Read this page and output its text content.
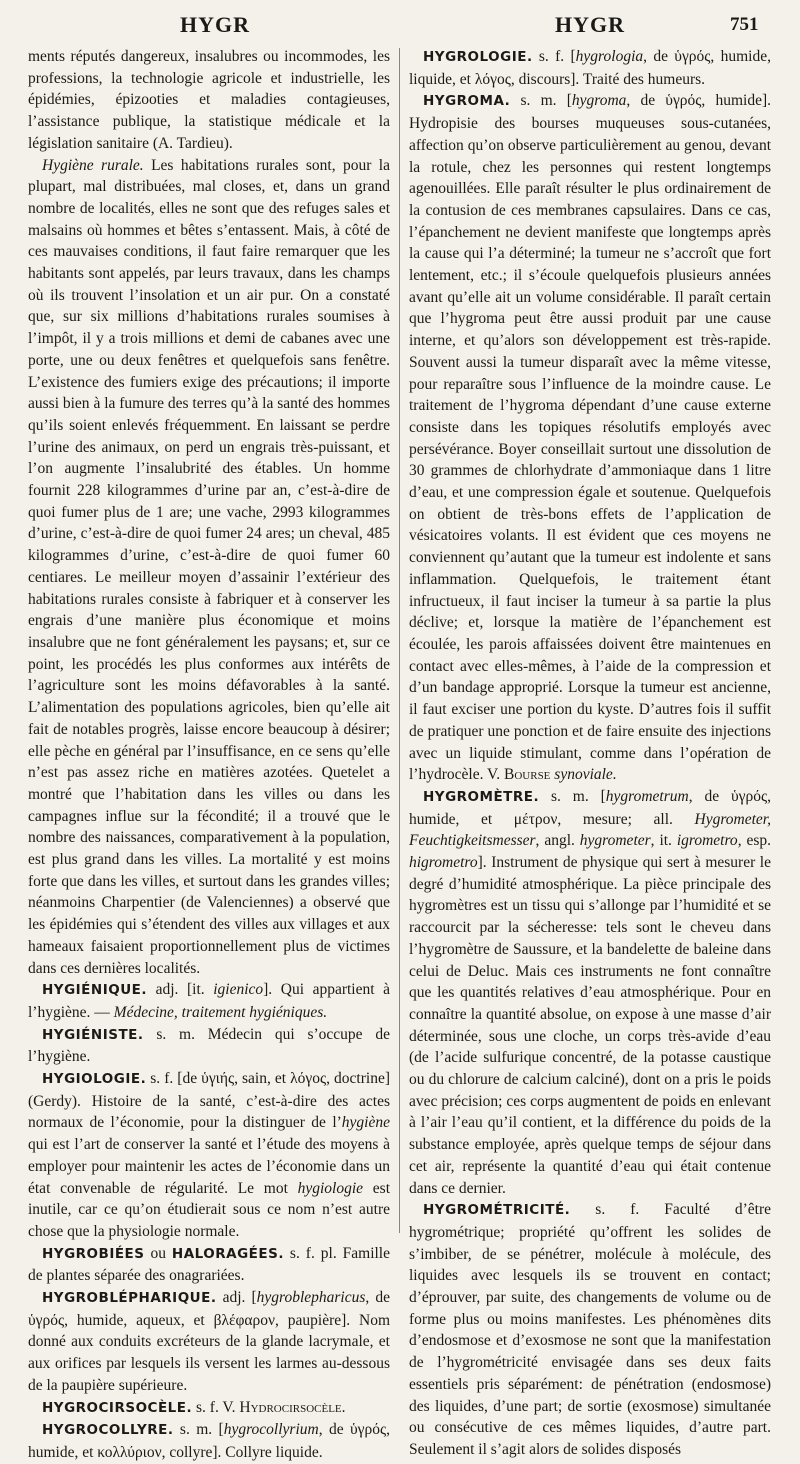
HYGR	HYGR	751

ments réputés dangereux, insalubres ou incommodes, les professions, la technologie agricole et industrielle, les épidémies, épizooties et maladies contagieuses, l’assistance publique, la statistique médicale et la législation sanitaire (A. Tardieu).

Hygiène rurale. Les habitations rurales sont, pour la plupart, mal distribuées, mal closes, et, dans un grand nombre de localités, elles ne sont que des refuges sales et malsains où hommes et bêtes s’entassent. Mais, à côté de ces mauvaises conditions, il faut faire remarquer que les habitants sont appelés, par leurs travaux, dans les champs où ils trouvent l’insolation et un air pur. On a constaté que, sur six millions d’habitations rurales soumises à l’impôt, il y a trois millions et demi de cabanes avec une porte, une ou deux fenêtres et quelquefois sans fenêtre. L’existence des fumiers exige des précautions; il importe aussi bien à la fumure des terres qu’à la santé des hommes qu’ils soient enlevés fréquemment. En laissant se perdre l’urine des animaux, on perd un engrais très-puissant, et l’on augmente l’insalubrité des étables. Un homme fournit 228 kilogrammes d’urine par an, c’est-à-dire de quoi fumer plus de 1 are; une vache, 2993 kilogrammes d’urine, c’est-à-dire de quoi fumer 24 ares; un cheval, 485 kilogrammes d’urine, c’est-à-dire de quoi fumer 60 centiares. Le meilleur moyen d’assainir l’extérieur des habitations rurales consiste à fabriquer et à conserver les engrais d’une manière plus économique et moins insalubre que ne font généralement les paysans; et, sur ce point, les procédés les plus conformes aux intérêts de l’agriculture sont les moins défavorables à la santé. L’alimentation des populations agricoles, bien qu’elle ait fait de notables progrès, laisse encore beaucoup à désirer; elle pèche en général par l’insuffisance, en ce sens qu’elle n’est pas assez riche en matières azotées. Quetelet a montré que l’habitation dans les villes ou dans les campagnes influe sur la fécondité; il a trouvé que le nombre des naissances, comparativement à la population, est plus grand dans les villes. La mortalité y est moins forte que dans les villes, et surtout dans les grandes villes; néanmoins Charpentier (de Valenciennes) a observé que les épidémies qui s’étendent des villes aux villages et aux hameaux faisaient proportionnellement plus de victimes dans ces dernières localités.

HYGIÉNIQUE. adj. [it. igienico]. Qui appartient à l’hygiène. — Médecine, traitement hygiéniques.

HYGIÉNISTE. s. m. Médecin qui s’occupe de l’hygiène.

HYGIOLOGIE. s. f. [de ὑγιής, sain, et λόγος, doctrine] (Gerdy). Histoire de la santé, c’est-à-dire des actes normaux de l’économie, pour la distinguer de l’hygiène qui est l’art de conserver la santé et l’étude des moyens à employer pour maintenir les actes de l’économie dans un état convenable de régularité. Le mot hygiologie est inutile, car ce qu’on étudierait sous ce nom n’est autre chose que la physiologie normale.

HYGROBIÉES ou HALORAGÉES. s. f. pl. Famille de plantes séparée des onagrariées.

HYGROBLÉPHARIQUE. adj. [hygroblepharicus, de ὑγρός, humide, aqueux, et βλέφαρον, paupière]. Nom donné aux conduits excréteurs de la glande lacrymale, et aux orifices par lesquels ils versent les larmes au-dessous de la paupière supérieure.

HYGROCIRSOCÈLE. s. f. V. Hydrocirsocèle.

HYGROCOLLYRE. s. m. [hygrocollyrium, de ὑγρός, humide, et κολλύριον, collyre]. Collyre liquide.

HYGROLOGIE. s. f. [hygrologia, de ὑγρός, humide, liquide, et λόγος, discours]. Traité des humeurs.

HYGROMA. s. m. [hygroma, de ὑγρός, humide]. Hydropisie des bourses muqueuses sous-cutanées, affection qu’on observe particulièrement au genou, devant la rotule, chez les personnes qui restent longtemps agenouillées. Elle paraît résulter le plus ordinairement de la contusion de ces membranes capsulaires. Dans ce cas, l’épanchement ne devient manifeste que longtemps après la cause qui l’a déterminé; la tumeur ne s’accroît que fort lentement, etc.; il s’écoule quelquefois plusieurs années avant qu’elle ait un volume considérable. Il paraît certain que l’hygroma peut être aussi produit par une cause interne, et qu’alors son développement est très-rapide. Souvent aussi la tumeur disparaît avec la même vitesse, pour reparaître sous l’influence de la moindre cause. Le traitement de l’hygroma dépendant d’une cause externe consiste dans les topiques résolutifs employés avec persévérance. Boyer conseillait surtout une dissolution de 30 grammes de chlorhydrate d’ammoniaque dans 1 litre d’eau, et une compression égale et soutenue. Quelquefois on obtient de très-bons effets de l’application de vésicatoires volants. Il est évident que ces moyens ne conviennent qu’autant que la tumeur est indolente et sans inflammation. Quelquefois, le traitement étant infructueux, il faut inciser la tumeur à sa partie la plus déclive; et, lorsque la matière de l’épanchement est écoulée, les parois affaissées doivent être maintenues en contact avec elles-mêmes, à l’aide de la compression et d’un bandage approprié. Lorsque la tumeur est ancienne, il faut exciser une portion du kyste. D’autres fois il suffit de pratiquer une ponction et de faire ensuite des injections avec un liquide stimulant, comme dans l’opération de l’hydrocèle. V. Bourse synoviale.

HYGROMÈTRE. s. m. [hygrometrum, de ὑγρός, humide, et μέτρον, mesure; all. Hygrometer, Feuchtigkeitsmesser, angl. hygrometer, it. igrometro, esp. higrometro]. Instrument de physique qui sert à mesurer le degré d’humidité atmosphérique. La pièce principale des hygromètres est un tissu qui s’allonge par l’humidité et se raccourcit par la sécheresse: tels sont le cheveu dans l’hygromètre de Saussure, et la bandelette de baleine dans celui de Deluc. Mais ces instruments ne font connaître que les quantités relatives d’eau atmosphérique. Pour en connaître la quantité absolue, on expose à une masse d’air déterminée, sous une cloche, un corps très-avide d’eau (de l’acide sulfurique concentré, de la potasse caustique ou du chlorure de calcium calciné), dont on a pris le poids avec précision; ces corps augmentent de poids en enlevant à l’air l’eau qu’il contient, et la différence du poids de la substance employée, après quelque temps de séjour dans cet air, représente la quantité d’eau qui était contenue dans ce dernier.

HYGROMÉTRICITÉ. s. f. Faculté d’être hygrométrique; propriété qu’offrent les solides de s’imbiber, de se pénétrer, molécule à molécule, des liquides avec lesquels ils se trouvent en contact; d’éprouver, par suite, des changements de volume ou de forme plus ou moins manifestes. Les phénomènes dits d’endosmose et d’exosmose ne sont que la manifestation de l’hygrométricité envisagée dans ses deux faits essentiels pris séparément: de pénétration (endosmose) des liquides, d’une part; de sortie (exosmose) simultanée ou consécutive de ces mêmes liquides, d’autre part. Seulement il s’agit alors de solides disposés
